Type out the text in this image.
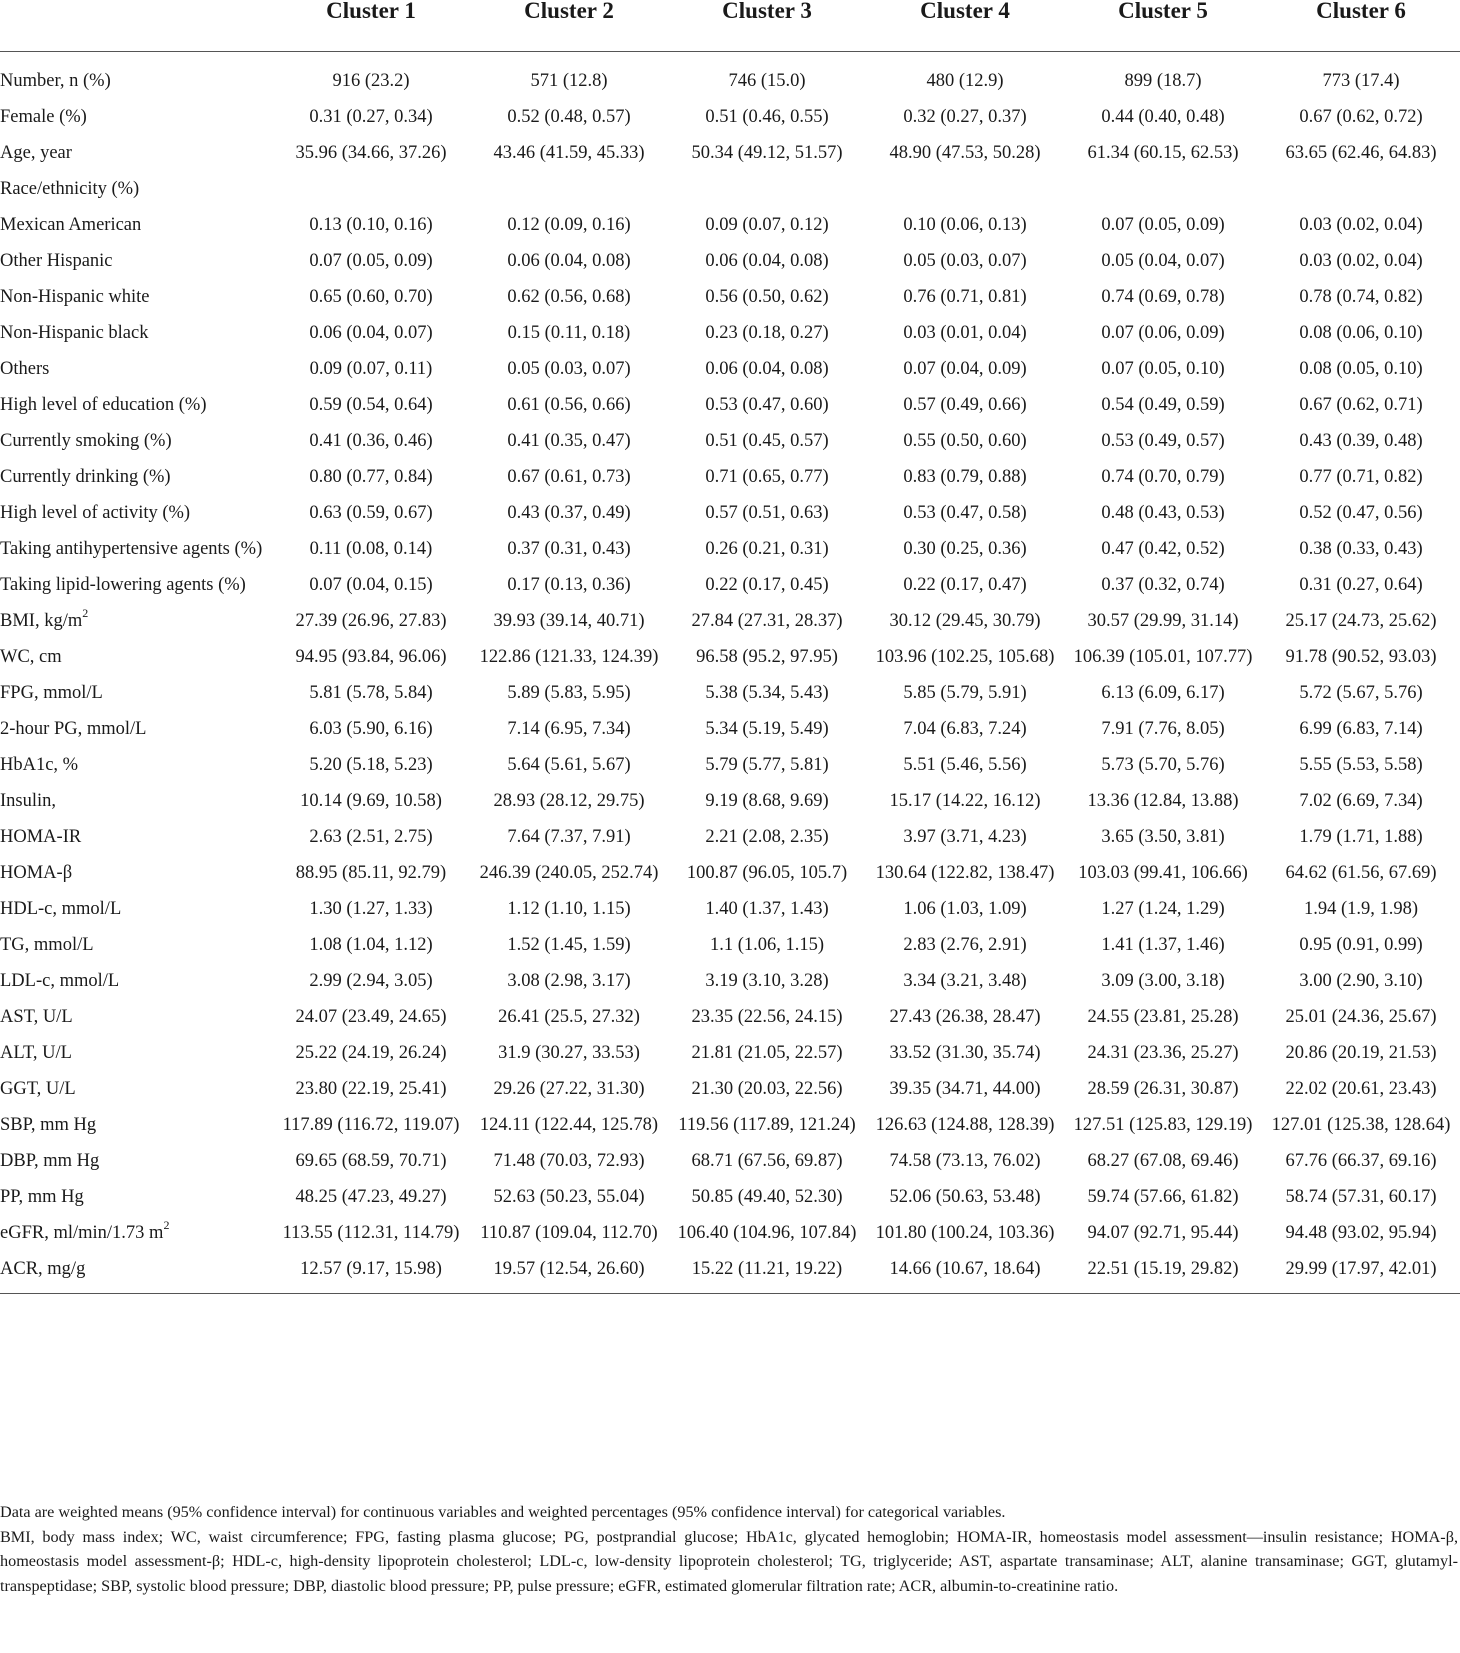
	Cluster 1	Cluster 2	Cluster 3	Cluster 4	Cluster 5	Cluster 6
Number, n (%)	916 (23.2)	571 (12.8)	746 (15.0)	480 (12.9)	899 (18.7)	773 (17.4)
Female (%)	0.31 (0.27, 0.34)	0.52 (0.48, 0.57)	0.51 (0.46, 0.55)	0.32 (0.27, 0.37)	0.44 (0.40, 0.48)	0.67 (0.62, 0.72)
Age, year	35.96 (34.66, 37.26)	43.46 (41.59, 45.33)	50.34 (49.12, 51.57)	48.90 (47.53, 50.28)	61.34 (60.15, 62.53)	63.65 (62.46, 64.83)
Race/ethnicity (%)						
Mexican American	0.13 (0.10, 0.16)	0.12 (0.09, 0.16)	0.09 (0.07, 0.12)	0.10 (0.06, 0.13)	0.07 (0.05, 0.09)	0.03 (0.02, 0.04)
Other Hispanic	0.07 (0.05, 0.09)	0.06 (0.04, 0.08)	0.06 (0.04, 0.08)	0.05 (0.03, 0.07)	0.05 (0.04, 0.07)	0.03 (0.02, 0.04)
Non-Hispanic white	0.65 (0.60, 0.70)	0.62 (0.56, 0.68)	0.56 (0.50, 0.62)	0.76 (0.71, 0.81)	0.74 (0.69, 0.78)	0.78 (0.74, 0.82)
Non-Hispanic black	0.06 (0.04, 0.07)	0.15 (0.11, 0.18)	0.23 (0.18, 0.27)	0.03 (0.01, 0.04)	0.07 (0.06, 0.09)	0.08 (0.06, 0.10)
Others	0.09 (0.07, 0.11)	0.05 (0.03, 0.07)	0.06 (0.04, 0.08)	0.07 (0.04, 0.09)	0.07 (0.05, 0.10)	0.08 (0.05, 0.10)
High level of education (%)	0.59 (0.54, 0.64)	0.61 (0.56, 0.66)	0.53 (0.47, 0.60)	0.57 (0.49, 0.66)	0.54 (0.49, 0.59)	0.67 (0.62, 0.71)
Currently smoking (%)	0.41 (0.36, 0.46)	0.41 (0.35, 0.47)	0.51 (0.45, 0.57)	0.55 (0.50, 0.60)	0.53 (0.49, 0.57)	0.43 (0.39, 0.48)
Currently drinking (%)	0.80 (0.77, 0.84)	0.67 (0.61, 0.73)	0.71 (0.65, 0.77)	0.83 (0.79, 0.88)	0.74 (0.70, 0.79)	0.77 (0.71, 0.82)
High level of activity (%)	0.63 (0.59, 0.67)	0.43 (0.37, 0.49)	0.57 (0.51, 0.63)	0.53 (0.47, 0.58)	0.48 (0.43, 0.53)	0.52 (0.47, 0.56)
Taking antihypertensive agents (%)	0.11 (0.08, 0.14)	0.37 (0.31, 0.43)	0.26 (0.21, 0.31)	0.30 (0.25, 0.36)	0.47 (0.42, 0.52)	0.38 (0.33, 0.43)
Taking lipid-lowering agents (%)	0.07 (0.04, 0.15)	0.17 (0.13, 0.36)	0.22 (0.17, 0.45)	0.22 (0.17, 0.47)	0.37 (0.32, 0.74)	0.31 (0.27, 0.64)
BMI, $kg/m^2$	27.39 (26.96, 27.83)	39.93 (39.14, 40.71)	27.84 (27.31, 28.37)	30.12 (29.45, 30.79)	30.57 (29.99, 31.14)	25.17 (24.73, 25.62)
WC, cm	94.95 (93.84, 96.06)	122.86 (121.33, 124.39)	96.58 (95.2, 97.95)	103.96 (102.25, 105.68)	106.39 (105.01, 107.77)	91.78 (90.52, 93.03)
FPG, mmol/L	5.81 (5.78, 5.84)	5.89 (5.83, 5.95)	5.38 (5.34, 5.43)	5.85 (5.79, 5.91)	6.13 (6.09, 6.17)	5.72 (5.67, 5.76)
2-hour PG, mmol/L	6.03 (5.90, 6.16)	7.14 (6.95, 7.34)	5.34 (5.19, 5.49)	7.04 (6.83, 7.24)	7.91 (7.76, 8.05)	6.99 (6.83, 7.14)
HbA1c, %	5.20 (5.18, 5.23)	5.64 (5.61, 5.67)	5.79 (5.77, 5.81)	5.51 (5.46, 5.56)	5.73 (5.70, 5.76)	5.55 (5.53, 5.58)
Insulin,	10.14 (9.69, 10.58)	28.93 (28.12, 29.75)	9.19 (8.68, 9.69)	15.17 (14.22, 16.12)	13.36 (12.84, 13.88)	7.02 (6.69, 7.34)
HOMA-IR	2.63 (2.51, 2.75)	7.64 (7.37, 7.91)	2.21 (2.08, 2.35)	3.97 (3.71, 4.23)	3.65 (3.50, 3.81)	1.79 (1.71, 1.88)
HOMA-β	88.95 (85.11, 92.79)	246.39 (240.05, 252.74)	100.87 (96.05, 105.7)	130.64 (122.82, 138.47)	103.03 (99.41, 106.66)	64.62 (61.56, 67.69)
HDL-c, mmol/L	1.30 (1.27, 1.33)	1.12 (1.10, 1.15)	1.40 (1.37, 1.43)	1.06 (1.03, 1.09)	1.27 (1.24, 1.29)	1.94 (1.9, 1.98)
TG, mmol/L	1.08 (1.04, 1.12)	1.52 (1.45, 1.59)	1.1 (1.06, 1.15)	2.83 (2.76, 2.91)	1.41 (1.37, 1.46)	0.95 (0.91, 0.99)
LDL-c, mmol/L	2.99 (2.94, 3.05)	3.08 (2.98, 3.17)	3.19 (3.10, 3.28)	3.34 (3.21, 3.48)	3.09 (3.00, 3.18)	3.00 (2.90, 3.10)
AST, U/L	24.07 (23.49, 24.65)	26.41 (25.5, 27.32)	23.35 (22.56, 24.15)	27.43 (26.38, 28.47)	24.55 (23.81, 25.28)	25.01 (24.36, 25.67)
ALT, U/L	25.22 (24.19, 26.24)	31.9 (30.27, 33.53)	21.81 (21.05, 22.57)	33.52 (31.30, 35.74)	24.31 (23.36, 25.27)	20.86 (20.19, 21.53)
GGT, U/L	23.80 (22.19, 25.41)	29.26 (27.22, 31.30)	21.30 (20.03, 22.56)	39.35 (34.71, 44.00)	28.59 (26.31, 30.87)	22.02 (20.61, 23.43)
SBP, mm Hg	117.89 (116.72, 119.07)	124.11 (122.44, 125.78)	119.56 (117.89, 121.24)	126.63 (124.88, 128.39)	127.51 (125.83, 129.19)	127.01 (125.38, 128.64)
DBP, mm Hg	69.65 (68.59, 70.71)	71.48 (70.03, 72.93)	68.71 (67.56, 69.87)	74.58 (73.13, 76.02)	68.27 (67.08, 69.46)	67.76 (66.37, 69.16)
PP, mm Hg	48.25 (47.23, 49.27)	52.63 (50.23, 55.04)	50.85 (49.40, 52.30)	52.06 (50.63, 53.48)	59.74 (57.66, 61.82)	58.74 (57.31, 60.17)
eGFR, ml/min/1.73 $m^2$	113.55 (112.31, 114.79)	110.87 (109.04, 112.70)	106.40 (104.96, 107.84)	101.80 (100.24, 103.36)	94.07 (92.71, 95.44)	94.48 (93.02, 95.94)
ACR, mg/g	12.57 (9.17, 15.98)	19.57 (12.54, 26.60)	15.22 (11.21, 19.22)	14.66 (10.67, 18.64)	22.51 (15.19, 29.82)	29.99 (17.97, 42.01)

Data are weighted means (95% confidence interval) for continuous variables and weighted percentages (95% confidence interval) for categorical variables.

BMI, body mass index; WC, waist circumference; FPG, fasting plasma glucose; PG, postprandial glucose; HbA1c, glycated hemoglobin; HOMA-IR, homeostasis model assessment—insulin resistance; HOMA-β, homeostasis model assessment-β; HDL-c, high-density lipoprotein cholesterol; LDL-c, low-density lipoprotein cholesterol; TG, triglyceride; AST, aspartate transaminase; ALT, alanine transaminase; GGT, glutamyl-transpeptidase; SBP, systolic blood pressure; DBP, diastolic blood pressure; PP, pulse pressure; eGFR, estimated glomerular filtration rate; ACR, albumin-to-creatinine ratio.
